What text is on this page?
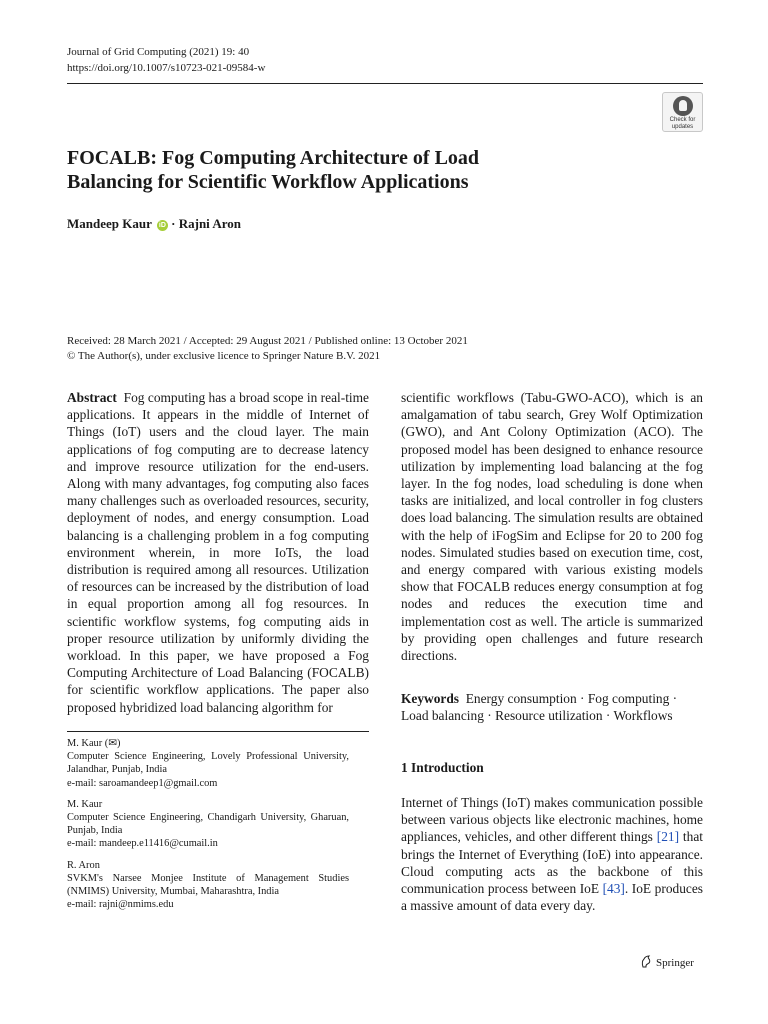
Journal of Grid Computing (2021) 19: 40
https://doi.org/10.1007/s10723-021-09584-w
Check for
updates
FOCALB: Fog Computing Architecture of Load
Balancing for Scientific Workflow Applications
Mandeep Kaur iD · Rajni Aron
Received: 28 March 2021 / Accepted: 29 August 2021 / Published online: 13 October 2021
© The Author(s), under exclusive licence to Springer Nature B.V. 2021

Abstract Fog computing has a broad scope in real-time applications. It appears in the middle of Internet of Things (IoT) users and the cloud layer. The main applications of fog computing are to decrease latency and improve resource utilization for the end-users. Along with many advantages, fog computing also faces many challenges such as overloaded resources, security, deployment of nodes, and energy consumption. Load balancing is a challenging problem in a fog computing environment wherein, in more IoTs, the load distribution is required among all resources. Utilization of resources can be increased by the distribution of load in equal proportion among all fog resources. In scientific workflow systems, fog computing aids in proper resource utilization by uniformly dividing the workload. In this paper, we have proposed a Fog Computing Architecture of Load Balancing (FOCALB) for scientific workflow applications. The paper also proposed hybridized load balancing algorithm for

scientific workflows (Tabu-GWO-ACO), which is an amalgamation of tabu search, Grey Wolf Optimization (GWO), and Ant Colony Optimization (ACO). The proposed model has been designed to enhance resource utilization by implementing load balancing at the fog layer. In the fog nodes, load scheduling is done when tasks are initialized, and local controller in fog clusters does load balancing. The simulation results are obtained with the help of iFogSim and Eclipse for 20 to 200 fog nodes. Simulated studies based on execution time, cost, and energy compared with various existing models show that FOCALB reduces energy consumption at fog nodes and reduces the execution time and implementation cost as well. The article is summarized by providing open challenges and future research directions.

Keywords Energy consumption · Fog computing ·
Load balancing · Resource utilization · Workflows
M. Kaur (✉)
Computer Science Engineering, Lovely Professional University, Jalandhar, Punjab, India
e-mail: saroamandeep1@gmail.com
M. Kaur
Computer Science Engineering, Chandigarh University, Gharuan, Punjab, India
e-mail: mandeep.e11416@cumail.in
R. Aron
SVKM's Narsee Monjee Institute of Management Studies (NMIMS) University, Mumbai, Maharashtra, India
e-mail: rajni@nmims.edu
1 Introduction

Internet of Things (IoT) makes communication possible between various objects like electronic machines, home appliances, vehicles, and other different things [21] that brings the Internet of Everything (IoE) into appearance. Cloud computing acts as the backbone of this communication process between IoE [43]. IoE produces a massive amount of data every day.

Springer
